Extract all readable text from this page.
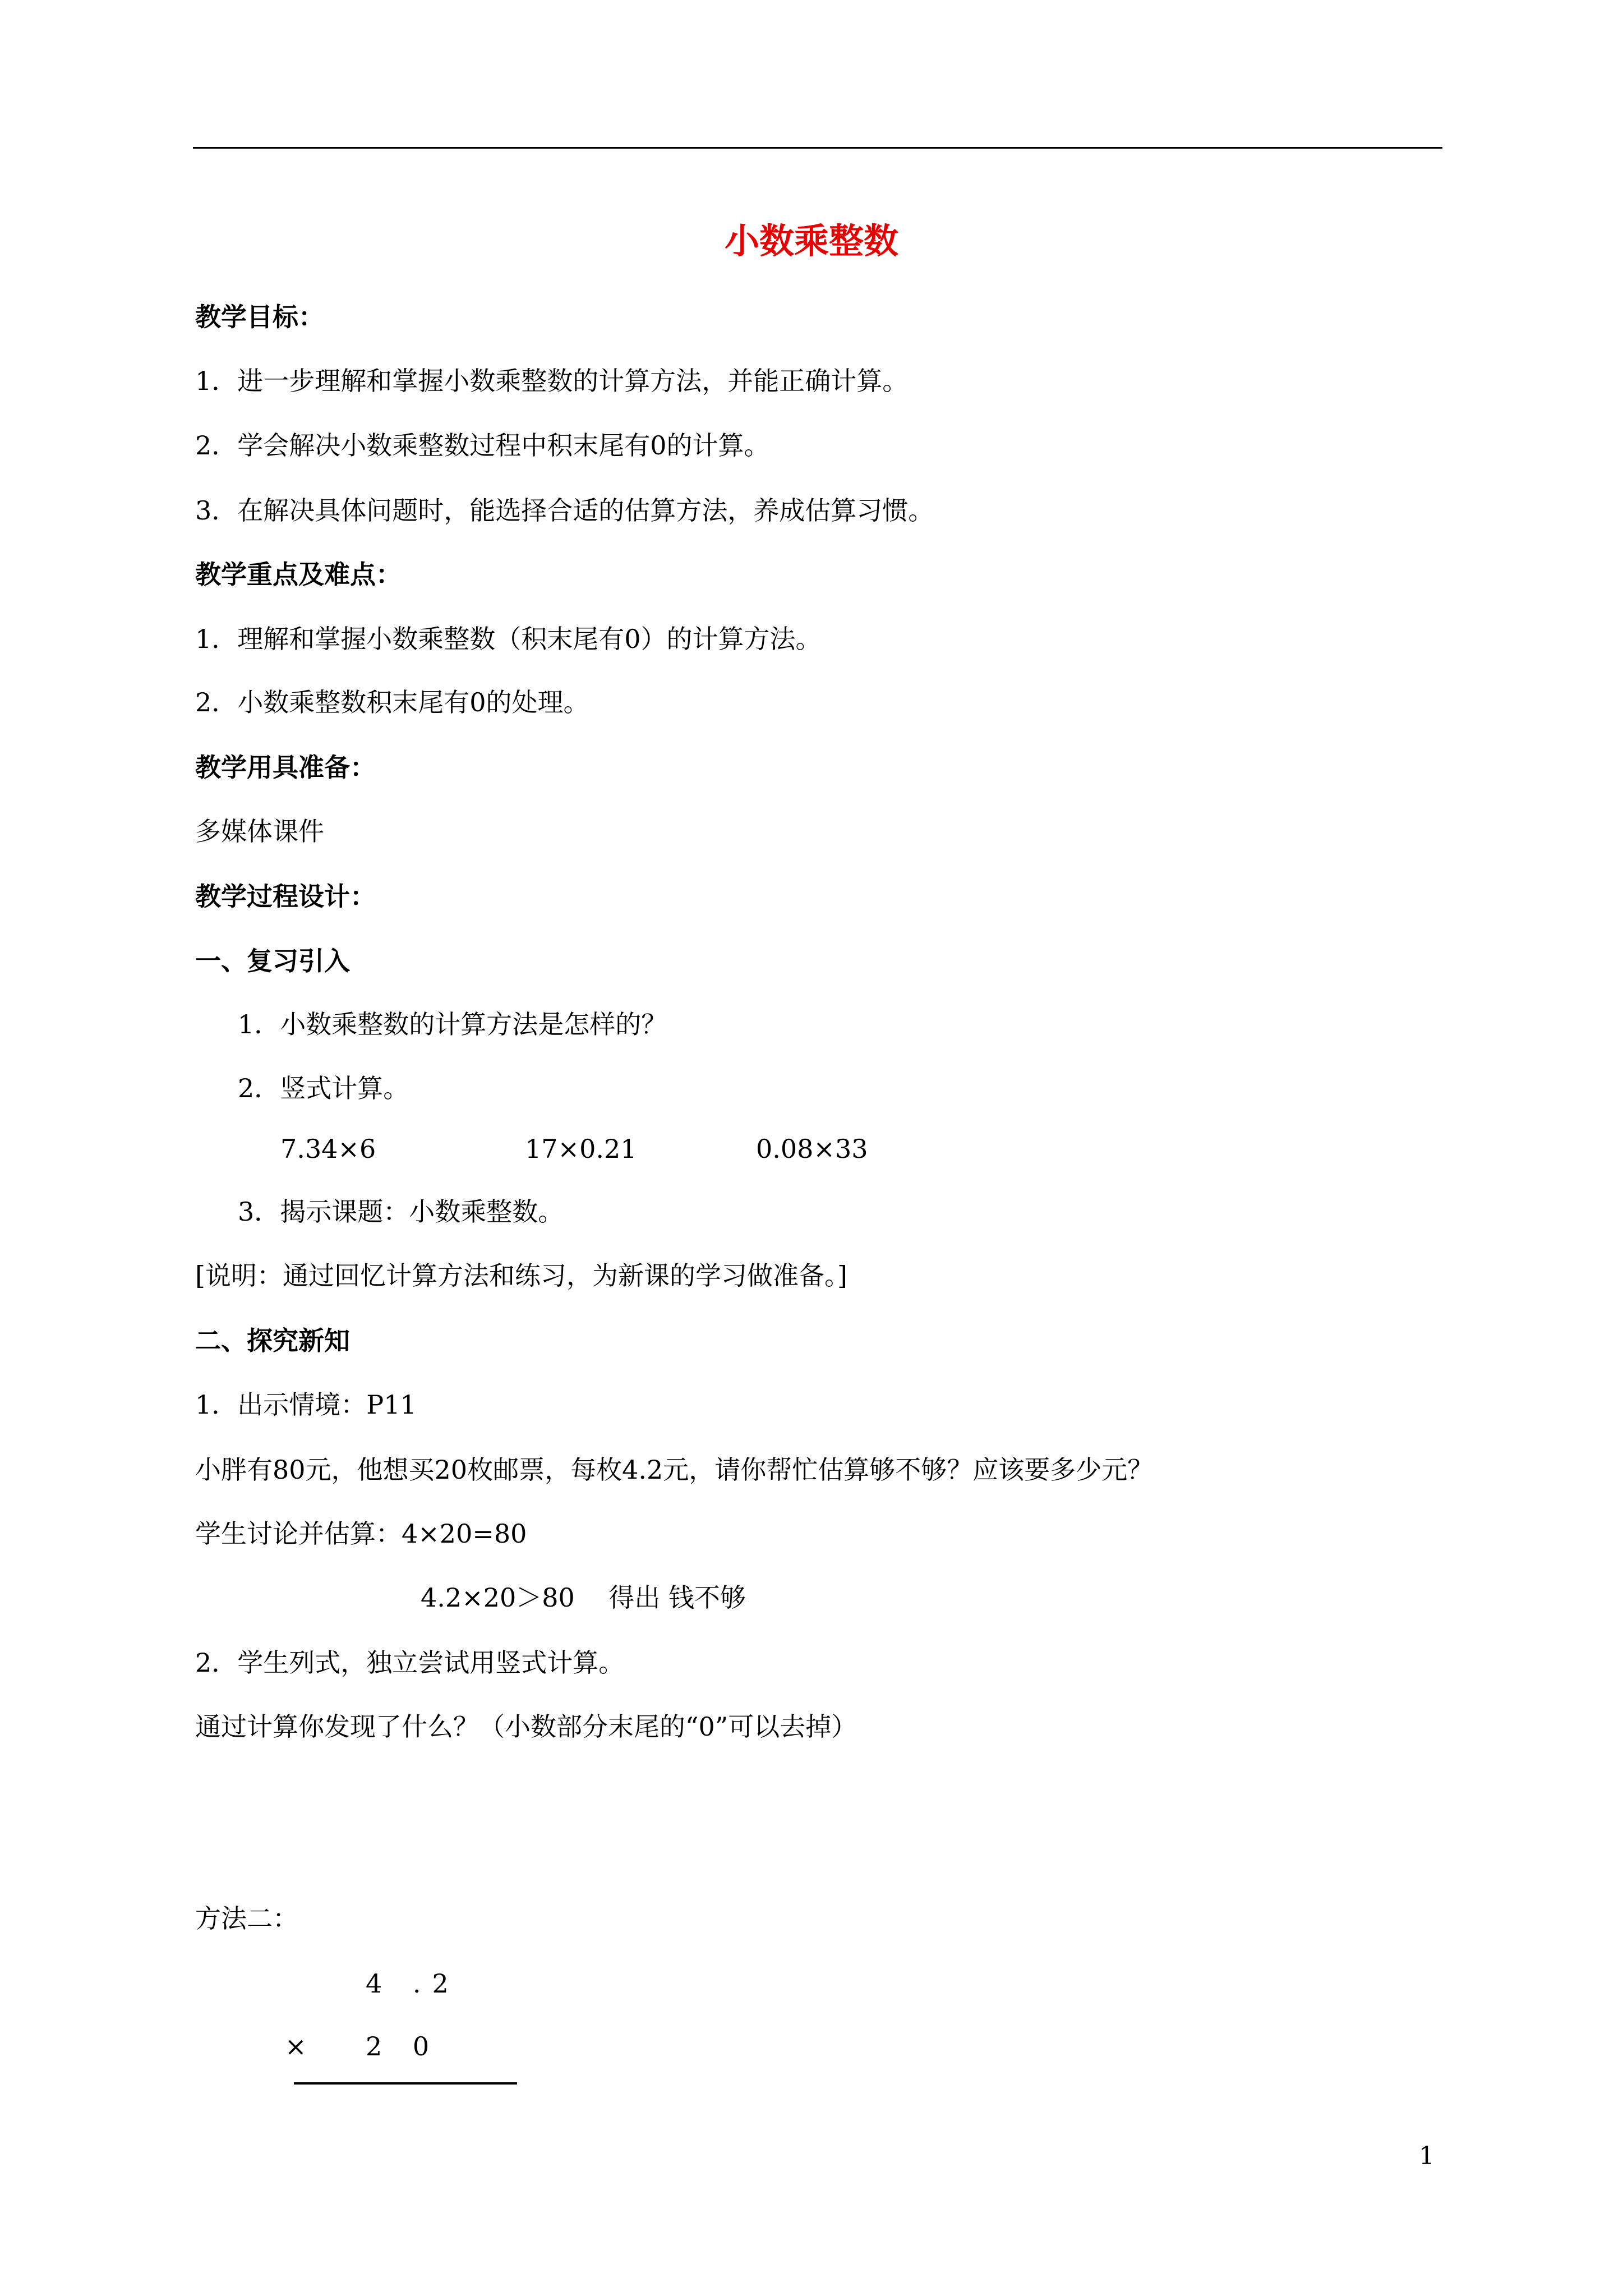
小数乘整数
教学目标：
1．进一步理解和掌握小数乘整数的计算方法，并能正确计算。
2．学会解决小数乘整数过程中积末尾有0的计算。
3．在解决具体问题时，能选择合适的估算方法，养成估算习惯。
教学重点及难点：
1．理解和掌握小数乘整数（积末尾有0）的计算方法。
2．小数乘整数积末尾有0的处理。
教学用具准备：
多媒体课件
教学过程设计：
一、复习引入
1．小数乘整数的计算方法是怎样的？
2．竖式计算。
7.34×6	17×0.21	0.08×33
3．揭示课题：小数乘整数。
[说明：通过回忆计算方法和练习，为新课的学习做准备。]
二、探究新知
1．出示情境：P11
小胖有80元，他想买20枚邮票，每枚4.2元，请你帮忙估算够不够？应该要多少元？
学生讨论并估算：4×20=80
4.2×20＞80　 得出 钱不够
2．学生列式，独立尝试用竖式计算。
通过计算你发现了什么？（小数部分末尾的“0”可以去掉）
方法二：
4 .2
× 2 0
1
